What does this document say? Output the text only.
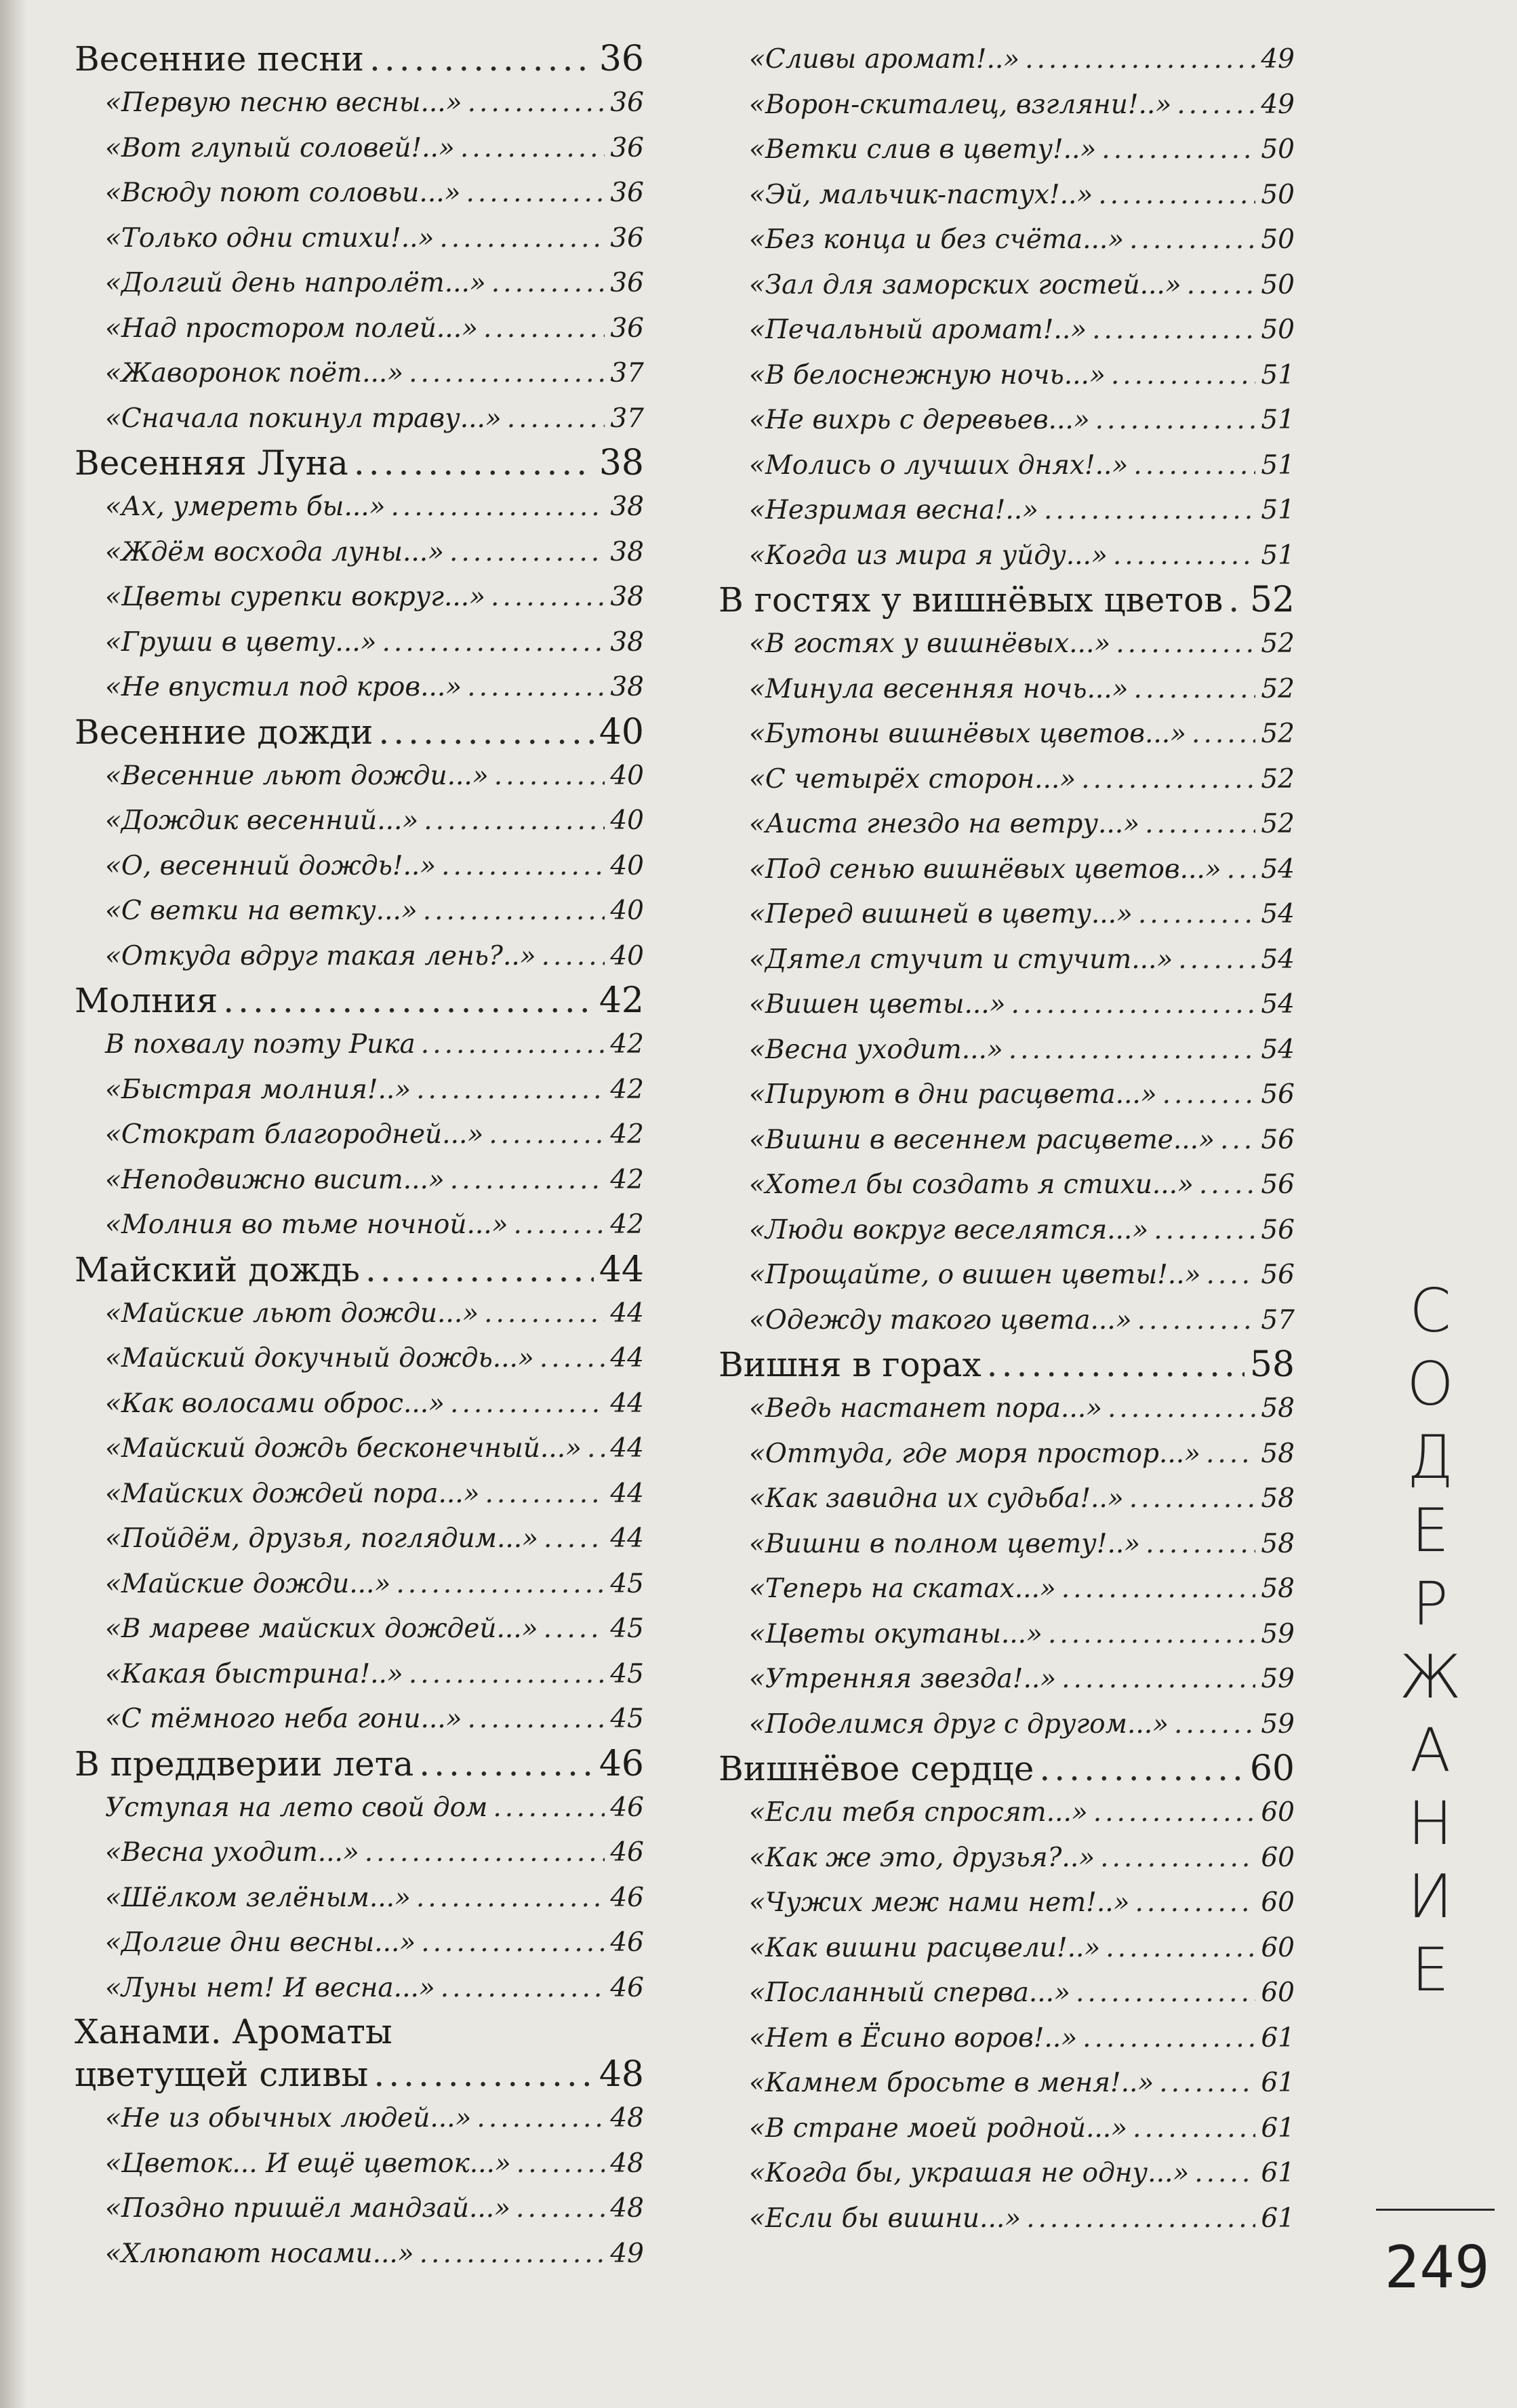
Весенние песни .....	36
«Первую песню весны...» .....	36
«Вот глупый соловей!..» .....	36
«Всюду поют соловьи...» .....	36
«Только одни стихи!..» .....	36
«Долгий день напролёт...» .....	36
«Над простором полей...» .....	36
«Жаворонок поёт...» .....	37
«Сначала покинул траву...» .....	37
Весенняя Луна .....	38
«Ах, умереть бы...» .....	38
«Ждём восхода луны...» .....	38
«Цветы сурепки вокруг...» .....	38
«Груши в цвету...» .....	38
«Не впустил под кров...» .....	38
Весенние дожди .....	40
«Весенние льют дожди...» .....	40
«Дождик весенний...» .....	40
«О, весенний дождь!..» .....	40
«С ветки на ветку...» .....	40
«Откуда вдруг такая лень?..» .....	40
Молния .....	42
В похвалу поэту Рика .....	42
«Быстрая молния!..» .....	42
«Стократ благородней...» .....	42
«Неподвижно висит...» .....	42
«Молния во тьме ночной...» .....	42
Майский дождь .....	44
«Майские льют дожди...» .....	44
«Майский докучный дождь...» .....	44
«Как волосами оброс...» .....	44
«Майский дождь бесконечный...» ..... 44
«Майских дождей пора...» .....	44
«Пойдём, друзья, поглядим...» .....	44
«Майские дожди...» .....	45
«В мареве майских дождей...» .....	45
«Какая быстрина!..» .....	45
«С тёмного неба гони...» .....	45
В преддверии лета .....	46
Уступая на лето свой дом .....	46
«Весна уходит...» .....	46
«Шёлком зелёным...» .....	46
«Долгие дни весны...» .....	46
«Луны нет! И весна...» .....	46
Ханами. Ароматы
цветущей сливы .....	48
«Не из обычных людей...» .....	48
«Цветок... И ещё цветок...» .....	48
«Поздно пришёл мандзай...» .....	48
«Хлюпают носами...» .....	49
«Сливы аромат!..» .....	49
«Ворон-скиталец, взгляни!..» .....	49
«Ветки слив в цвету!..» .....	50
«Эй, мальчик-пастух!..» .....	50
«Без конца и без счёта...» .....	50
«Зал для заморских гостей...» .....	50
«Печальный аромат!..» .....	50
«В белоснежную ночь...» .....	51
«Не вихрь с деревьев...» .....	51
«Молись о лучших днях!..» .....	51
«Незримая весна!..» .....	51
«Когда из мира я уйду...» .....	51
В гостях у вишнёвых цветов ..... 52
«В гостях у вишнёвых...» .....	52
«Минула весенняя ночь...» .....	52
«Бутоны вишнёвых цветов...» .....	52
«С четырёх сторон...» .....	52
«Аиста гнездо на ветру...» .....	52
«Под сенью вишнёвых цветов...» ..... 54
«Перед вишней в цвету...» .....	54
«Дятел стучит и стучит...» .....	54
«Вишен цветы...» .....	54
«Весна уходит...» .....	54
«Пируют в дни расцвета...» .....	56
«Вишни в весеннем расцвете...» ..... 56
«Хотел бы создать я стихи...» .....	56
«Люди вокруг веселятся...» .....	56
«Прощайте, о вишен цветы!..» ..... 56
«Одежду такого цвета...» .....	57
Вишня в горах .....	58
«Ведь настанет пора...» .....	58
«Оттуда, где моря простор...» ..... 58
«Как завидна их судьба!..» .....	58
«Вишни в полном цвету!..» .....	58
«Теперь на скатах...» .....	58
«Цветы окутаны...» .....	59
«Утренняя звезда!..» .....	59
«Поделимся друг с другом...» .....	59
Вишнёвое сердце .....	60
«Если тебя спросят...» .....	60
«Как же это, друзья?..» .....	60
«Чужих меж нами нет!..» .....	60
«Как вишни расцвели!..» .....	60
«Посланный сперва...» .....	60
«Нет в Ёсино воров!..» .....	61
«Камнем бросьте в меня!..» .....	61
«В стране моей родной...» .....	61
«Когда бы, украшая не одну...» .....	61
«Если бы вишни...» .....	61
С
О
Д
Е
Р
Ж
А
Н
И
Е
249
